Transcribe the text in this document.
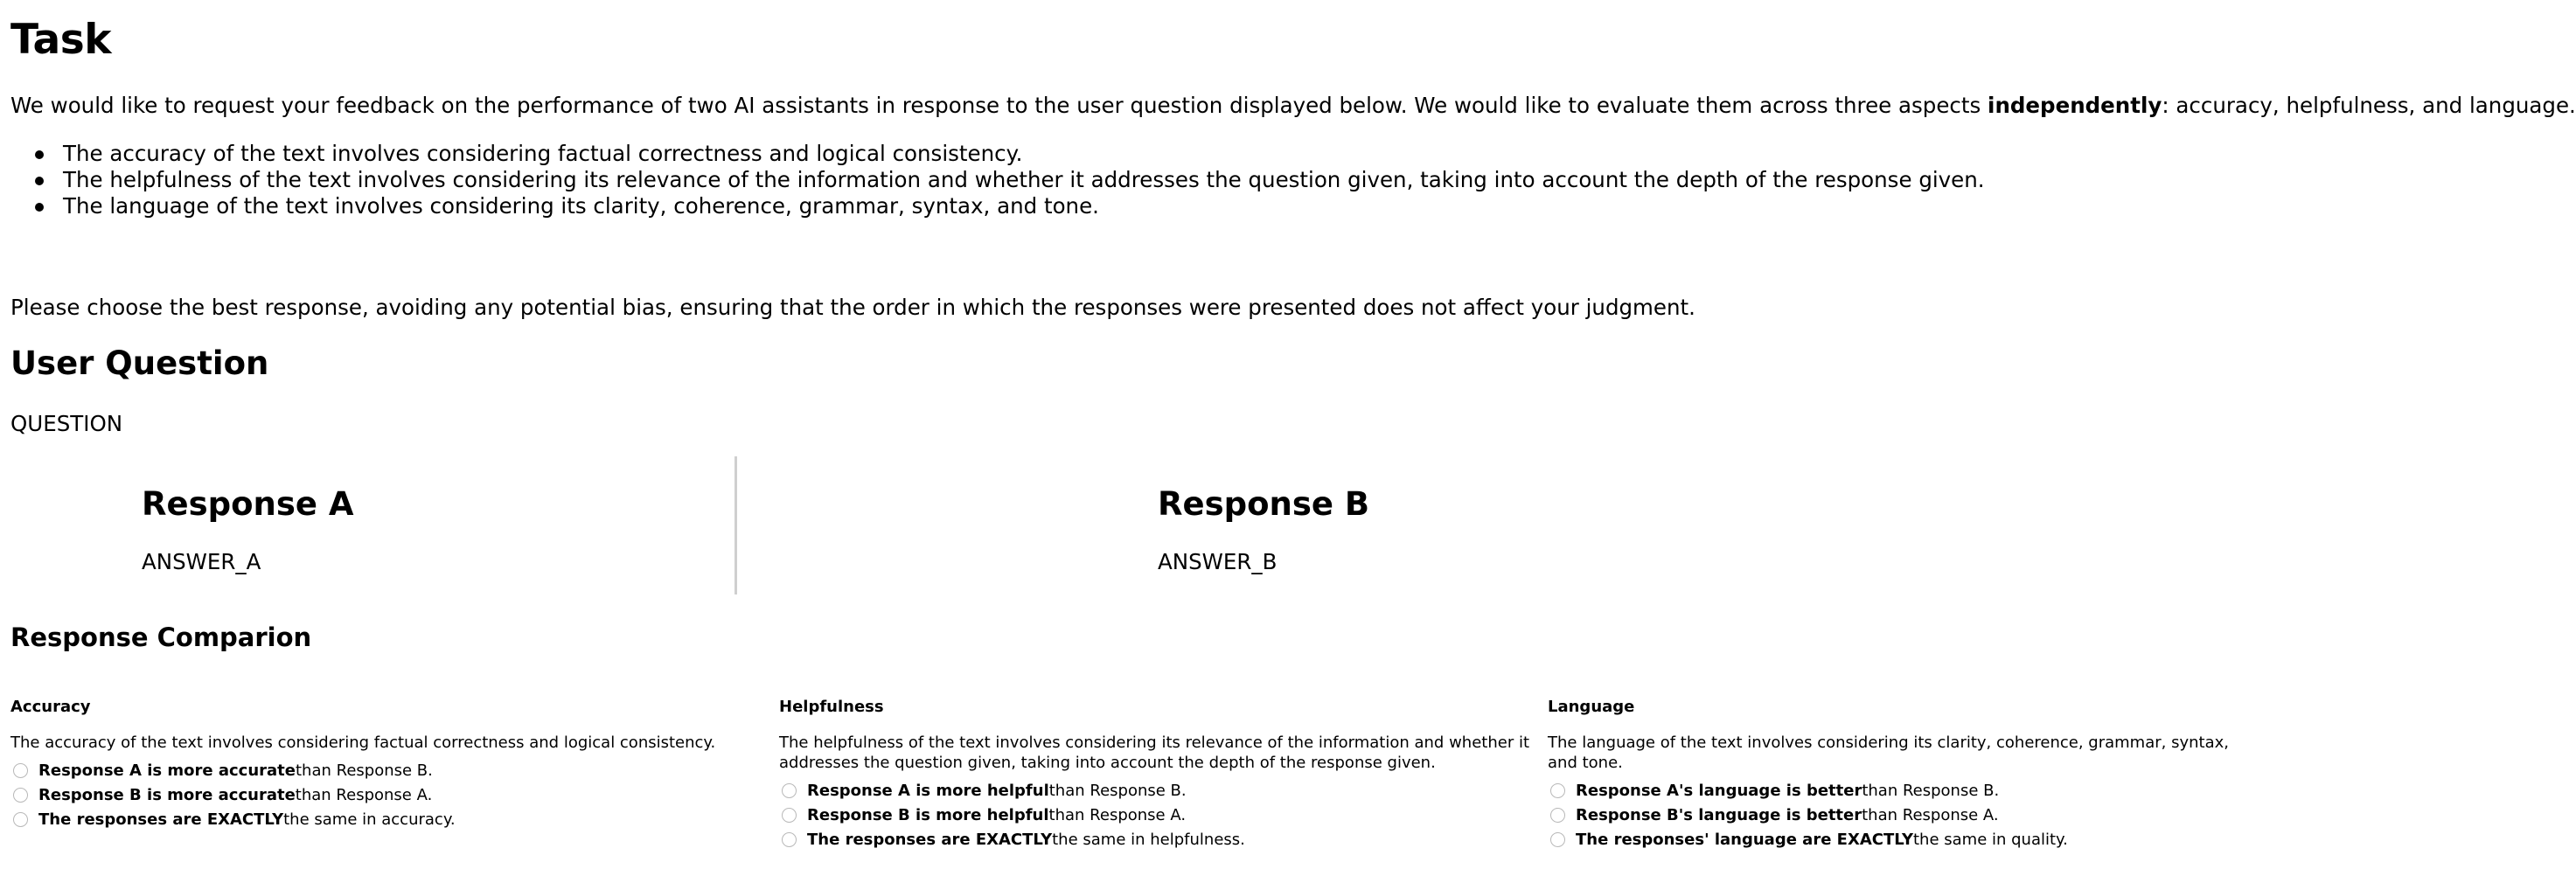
Task

We would like to request your feedback on the performance of two AI assistants in response to the user question displayed below. We would like to evaluate them across three aspects independently: accuracy, helpfulness, and language.

The accuracy of the text involves considering factual correctness and logical consistency.
The helpfulness of the text involves considering its relevance of the information and whether it addresses the question given, taking into account the depth of the response given.
The language of the text involves considering its clarity, coherence, grammar, syntax, and tone.

Please choose the best response, avoiding any potential bias, ensuring that the order in which the responses were presented does not affect your judgment.

User Question

QUESTION

Response A

ANSWER_A

Response B

ANSWER_B

Response Comparion
Accuracy
The accuracy of the text involves considering factual correctness and logical consistency.
Response A is more accurate than Response B.
Response B is more accurate than Response A.
The responses are EXACTLY the same in accuracy.
Helpfulness
The helpfulness of the text involves considering its relevance of the information and whether it addresses the question given, taking into account the depth of the response given.
Response A is more helpful than Response B.
Response B is more helpful than Response A.
The responses are EXACTLY the same in helpfulness.
Language
The language of the text involves considering its clarity, coherence, grammar, syntax, and tone.
Response A's language is better than Response B.
Response B's language is better than Response A.
The responses' language are EXACTLY the same in quality.
